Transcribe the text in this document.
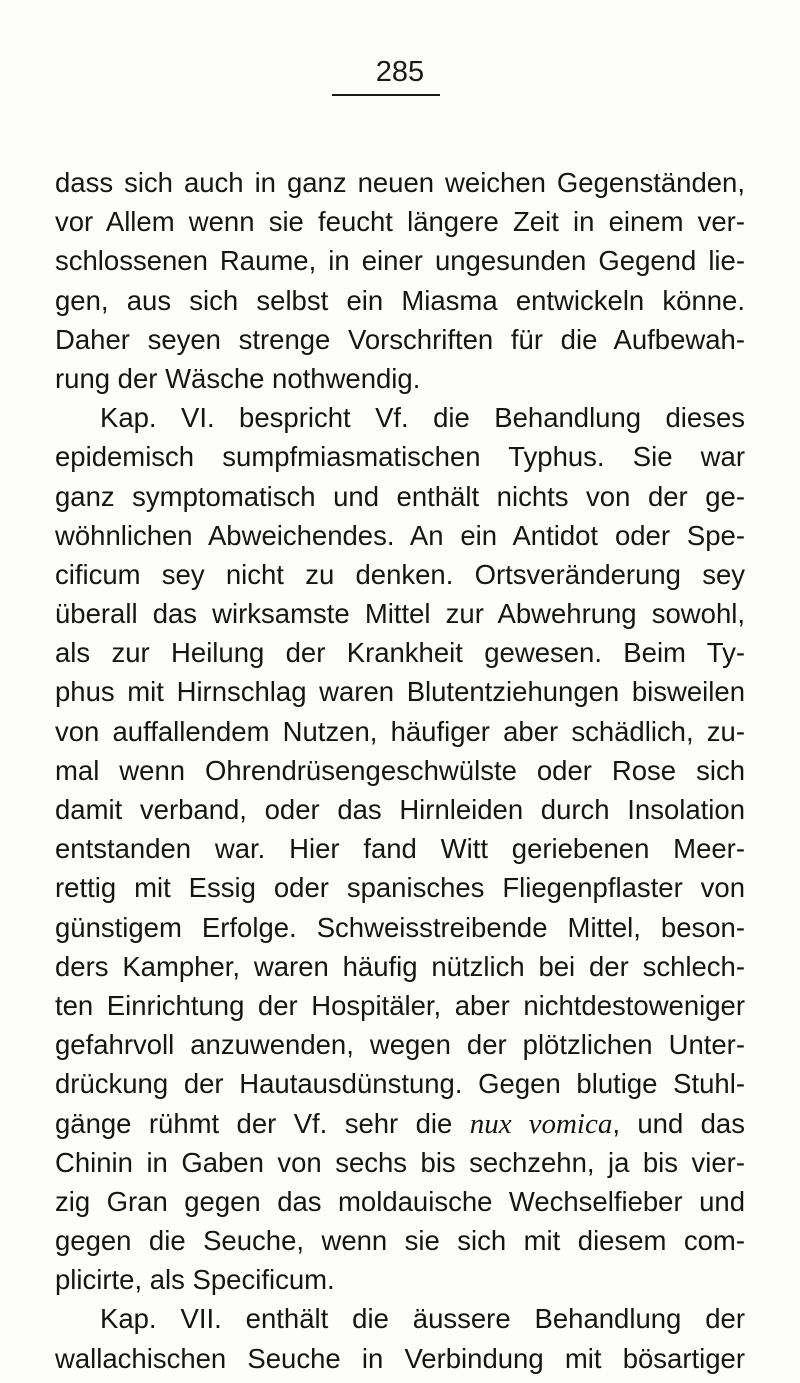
285
dass sich auch in ganz neuen weichen Gegenständen,
vor Allem wenn sie feucht längere Zeit in einem ver-
schlossenen Raume, in einer ungesunden Gegend lie-
gen, aus sich selbst ein Miasma entwickeln könne.
Daher seyen strenge Vorschriften für die Aufbewah-
rung der Wäsche nothwendig.
Kap. VI. bespricht Vf. die Behandlung dieses
epidemisch sumpfmiasmatischen Typhus. Sie war
ganz symptomatisch und enthält nichts von der ge-
wöhnlichen Abweichendes. An ein Antidot oder Spe-
cificum sey nicht zu denken. Ortsveränderung sey
überall das wirksamste Mittel zur Abwehrung sowohl,
als zur Heilung der Krankheit gewesen. Beim Ty-
phus mit Hirnschlag waren Blutentziehungen bisweilen
von auffallendem Nutzen, häufiger aber schädlich, zu-
mal wenn Ohrendrüsengeschwülste oder Rose sich
damit verband, oder das Hirnleiden durch Insolation
entstanden war. Hier fand Witt geriebenen Meer-
rettig mit Essig oder spanisches Fliegenpflaster von
günstigem Erfolge. Schweisstreibende Mittel, beson-
ders Kampher, waren häufig nützlich bei der schlech-
ten Einrichtung der Hospitäler, aber nichtdestoweniger
gefahrvoll anzuwenden, wegen der plötzlichen Unter-
drückung der Hautausdünstung. Gegen blutige Stuhl-
gänge rühmt der Vf. sehr die nux vomica, und das
Chinin in Gaben von sechs bis sechzehn, ja bis vier-
zig Gran gegen das moldauische Wechselfieber und
gegen die Seuche, wenn sie sich mit diesem com-
plicirte, als Specificum.
Kap. VII. enthält die äussere Behandlung der
wallachischen Seuche in Verbindung mit bösartiger
